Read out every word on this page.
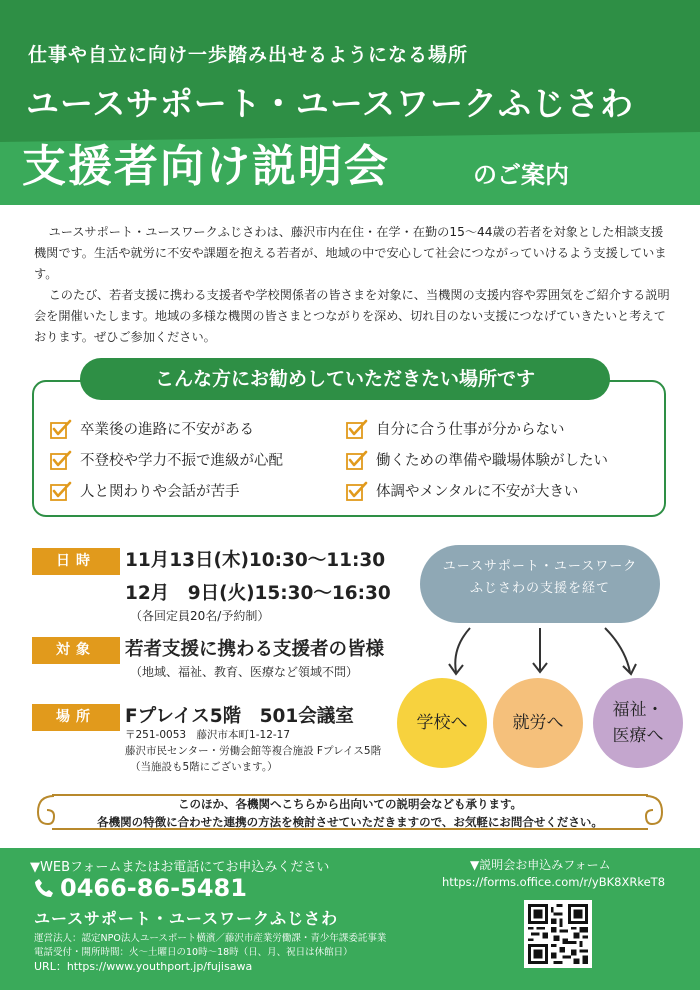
仕事や自立に向け一歩踏み出せるようになる場所
ユースサポート・ユースワークふじさわ
支援者向け説明会	のご案内

ユースサポート・ユースワークふじさわは、藤沢市内在住・在学・在勤の15～44歳の若者を対象とした相談支援機関です。生活や就労に不安や課題を抱える若者が、地域の中で安心して社会につながっていけるよう支援しています。

このたび、若者支援に携わる支援者や学校関係者の皆さまを対象に、当機関の支援内容や雰囲気をご紹介する説明会を開催いたします。地域の多様な機関の皆さまとつながりを深め、切れ目のない支援につなげていきたいと考えております。ぜひご参加ください。

こんな方にお勧めしていただきたい場所です
卒業後の進路に不安がある
不登校や学力不振で進級が心配
人と関わりや会話が苦手
自分に合う仕事が分からない
働くための準備や職場体験がしたい
体調やメンタルに不安が大きい
日時	11月13日(木)10:30～11:30
12月　9日(火)15:30～16:30
（各回定員20名/予約制）
対象	若者支援に携わる支援者の皆様
（地域、福祉、教育、医療など領域不問）
場所	Fプレイス5階　501会議室
〒251-0053　藤沢市本町1-12-17
藤沢市民センター・労働会館等複合施設 Fプレイス5階
（当施設も5階にございます。）
ユースサポート・ユースワーク
ふじさわの支援を経て
学校へ	就労へ
福祉・
医療へ
このほか、各機関へこちらから出向いての説明会なども承ります。
各機関の特徴に合わせた連携の方法を検討させていただきますので、お気軽にお問合せください。
▼WEBフォームまたはお電話にてお申込みください
0466-86-5481
ユースサポート・ユースワークふじさわ
運営法人：認定NPO法人ユースポート横濱／藤沢市産業労働課・青少年課委託事業
電話受付・開所時間：火～土曜日の10時～18時（日、月、祝日は休館日）
URL：https://www.youthport.jp/fujisawa
▼説明会お申込みフォーム
https://forms.office.com/r/yBK8XRkeT8
